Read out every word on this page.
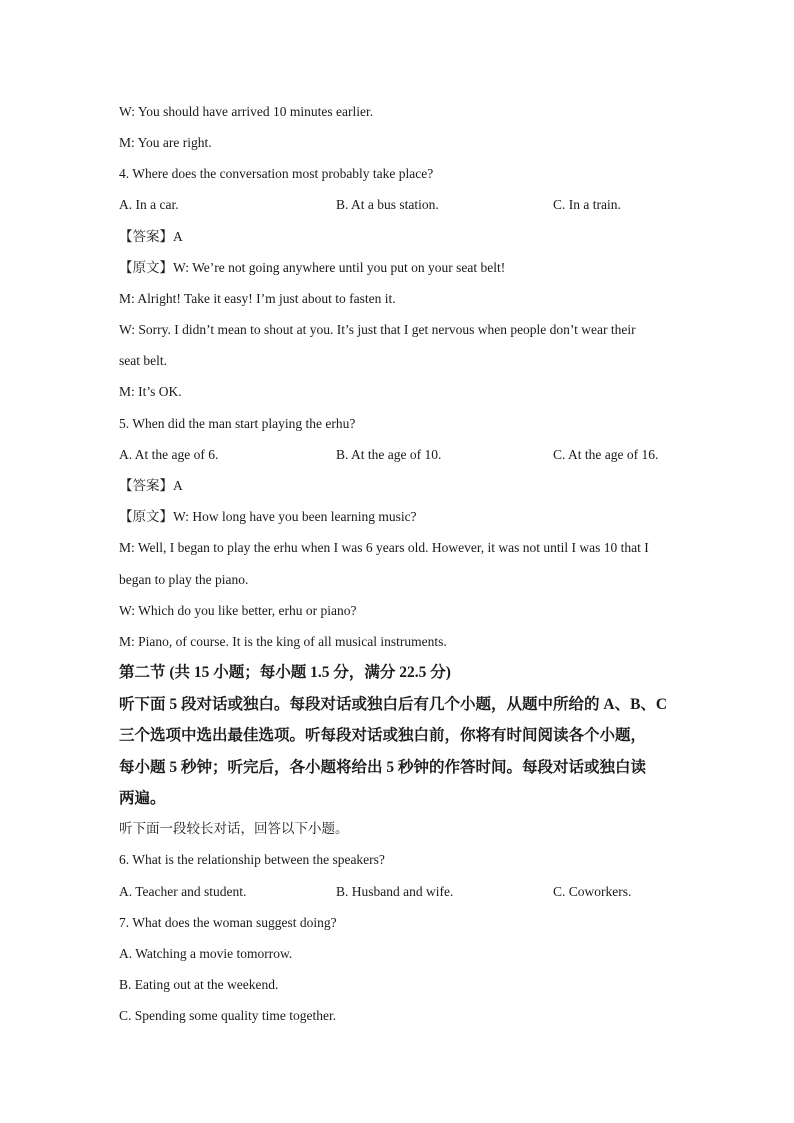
W: You should have arrived 10 minutes earlier.
M: You are right.
4. Where does the conversation most probably take place?
A. In a car.	B. At a bus station.	C. In a train.
【答案】A
【原文】W: We’re not going anywhere until you put on your seat belt!
M: Alright! Take it easy! I’m just about to fasten it.
W: Sorry. I didn’t mean to shout at you. It’s just that I get nervous when people don’t wear their
seat belt.
M: It’s OK.
5. When did the man start playing the erhu?
A. At the age of 6.	B. At the age of 10.	C. At the age of 16.
【答案】A
【原文】W: How long have you been learning music?
M: Well, I began to play the erhu when I was 6 years old. However, it was not until I was 10 that I
began to play the piano.
W: Which do you like better, erhu or piano?
M: Piano, of course. It is the king of all musical instruments.
第二节 (共 15 小题；每小题 1.5 分，满分 22.5 分)
听下面 5 段对话或独白。每段对话或独白后有几个小题，从题中所给的 A、B、C
三个选项中选出最佳选项。听每段对话或独白前，你将有时间阅读各个小题，
每小题 5 秒钟；听完后，各小题将给出 5 秒钟的作答时间。每段对话或独白读
两遍。
听下面一段较长对话，回答以下小题。
6. What is the relationship between the speakers?
A. Teacher and student.	B. Husband and wife.	C. Coworkers.
7. What does the woman suggest doing?
A. Watching a movie tomorrow.
B. Eating out at the weekend.
C. Spending some quality time together.
